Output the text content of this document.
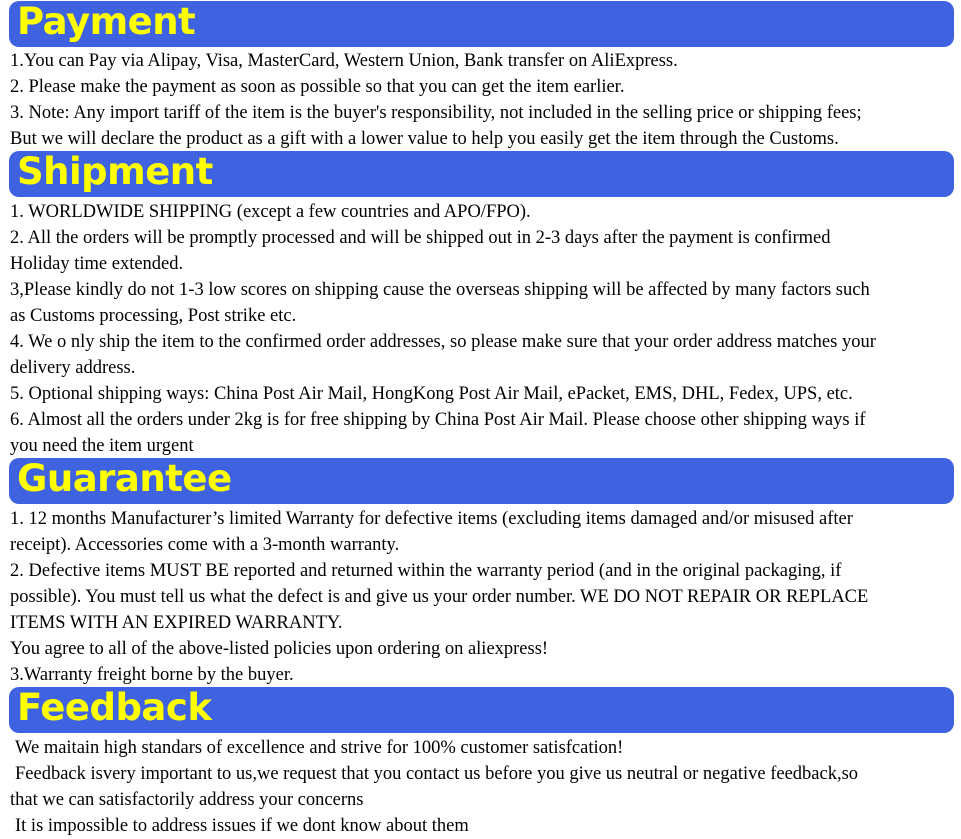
Payment
1.You can Pay via Alipay, Visa, MasterCard, Western Union, Bank transfer on AliExpress.
2. Please make the payment as soon as possible so that you can get the item earlier.
3. Note: Any import tariff of the item is the buyer's responsibility, not included in the selling price or shipping fees;
But we will declare the product as a gift with a lower value to help you easily get the item through the Customs.
Shipment
1. WORLDWIDE SHIPPING (except a few countries and APO/FPO).
2. All the orders will be promptly processed and will be shipped out in 2-3 days after the payment is confirmed
Holiday time extended.
3,Please kindly do not 1-3 low scores on shipping cause the overseas shipping will be affected by many factors such
as Customs processing, Post strike etc.
4. We o nly ship the item to the confirmed order addresses, so please make sure that your order address matches your
delivery address.
5. Optional shipping ways: China Post Air Mail, HongKong Post Air Mail, ePacket, EMS, DHL, Fedex, UPS, etc.
6. Almost all the orders under 2kg is for free shipping by China Post Air Mail. Please choose other shipping ways if
you need the item urgent
Guarantee
1. 12 months Manufacturer’s limited Warranty for defective items (excluding items damaged and/or misused after
receipt). Accessories come with a 3-month warranty.
2. Defective items MUST BE reported and returned within the warranty period (and in the original packaging, if
possible). You must tell us what the defect is and give us your order number. WE DO NOT REPAIR OR REPLACE
ITEMS WITH AN EXPIRED WARRANTY.
You agree to all of the above-listed policies upon ordering on aliexpress!
3.Warranty freight borne by the buyer.
Feedback
We maitain high standars of excellence and strive for 100% customer satisfcation!
Feedback isvery important to us,we request that you contact us before you give us neutral or negative feedback,so
that we can satisfactorily address your concerns
It is impossible to address issues if we dont know about them
